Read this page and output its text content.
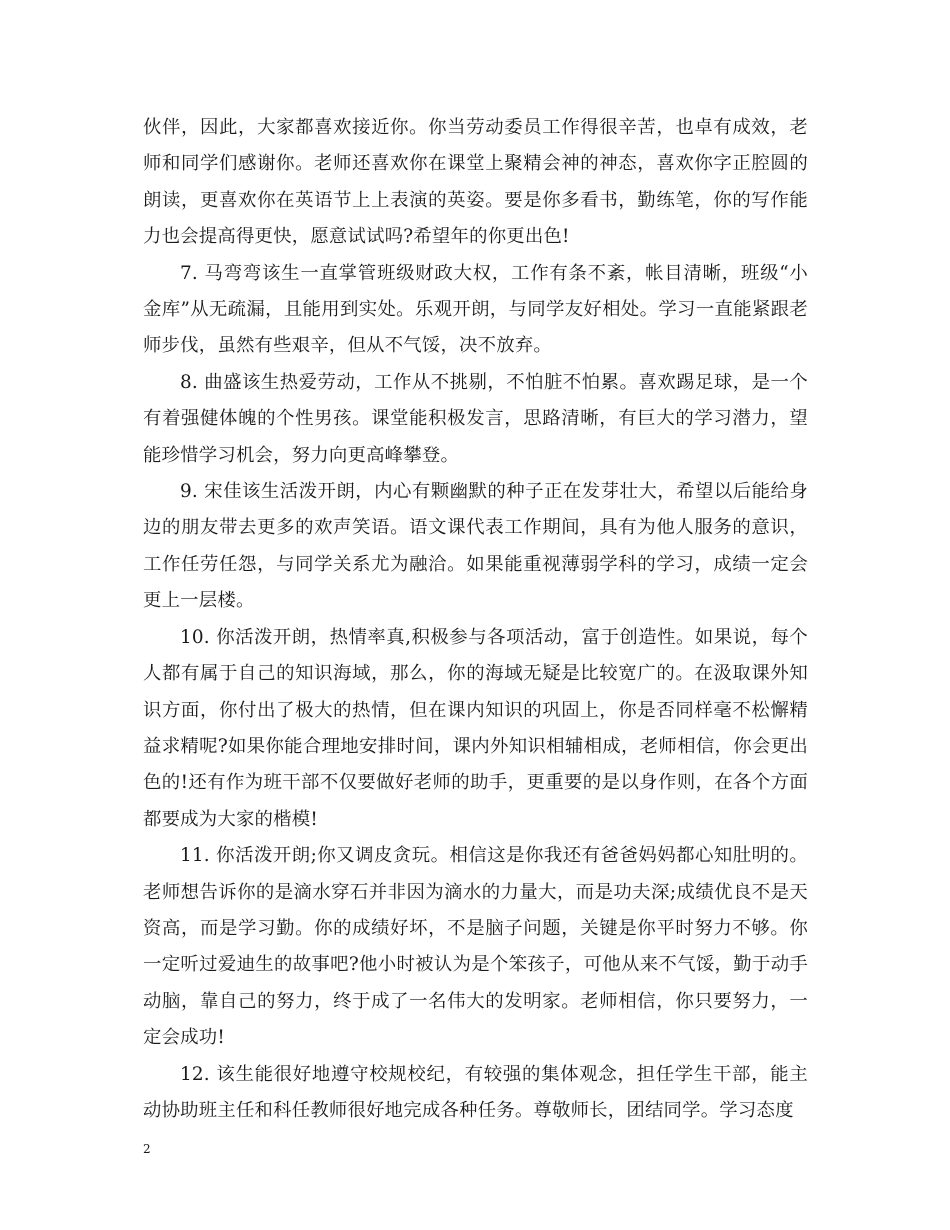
伙伴，因此，大家都喜欢接近你。你当劳动委员工作得很辛苦，也卓有成效，老师和同学们感谢你。老师还喜欢你在课堂上聚精会神的神态，喜欢你字正腔圆的朗读，更喜欢你在英语节上上表演的英姿。要是你多看书，勤练笔，你的写作能力也会提高得更快，愿意试试吗?希望年的你更出色!

7. 马弯弯该生一直掌管班级财政大权，工作有条不紊，帐目清晰，班级“小金库”从无疏漏，且能用到实处。乐观开朗，与同学友好相处。学习一直能紧跟老师步伐，虽然有些艰辛，但从不气馁，决不放弃。

8. 曲盛该生热爱劳动，工作从不挑剔，不怕脏不怕累。喜欢踢足球，是一个有着强健体魄的个性男孩。课堂能积极发言，思路清晰，有巨大的学习潜力，望能珍惜学习机会，努力向更高峰攀登。

9. 宋佳该生活泼开朗，内心有颗幽默的种子正在发芽壮大，希望以后能给身边的朋友带去更多的欢声笑语。语文课代表工作期间，具有为他人服务的意识，工作任劳任怨，与同学关系尤为融洽。如果能重视薄弱学科的学习，成绩一定会更上一层楼。

10. 你活泼开朗，热情率真,积极参与各项活动，富于创造性。如果说，每个人都有属于自己的知识海域，那么，你的海域无疑是比较宽广的。在汲取课外知识方面，你付出了极大的热情，但在课内知识的巩固上，你是否同样毫不松懈精益求精呢?如果你能合理地安排时间，课内外知识相辅相成，老师相信，你会更出色的!还有作为班干部不仅要做好老师的助手，更重要的是以身作则，在各个方面都要成为大家的楷模!

11. 你活泼开朗;你又调皮贪玩。相信这是你我还有爸爸妈妈都心知肚明的。老师想告诉你的是滴水穿石并非因为滴水的力量大，而是功夫深;成绩优良不是天资高，而是学习勤。你的成绩好坏，不是脑子问题，关键是你平时努力不够。你一定听过爱迪生的故事吧?他小时被认为是个笨孩子，可他从来不气馁，勤于动手动脑，靠自己的努力，终于成了一名伟大的发明家。老师相信，你只要努力，一定会成功!

12. 该生能很好地遵守校规校纪，有较强的集体观念，担任学生干部，能主动协助班主任和科任教师很好地完成各种任务。尊敬师长，团结同学。学习态度

2
